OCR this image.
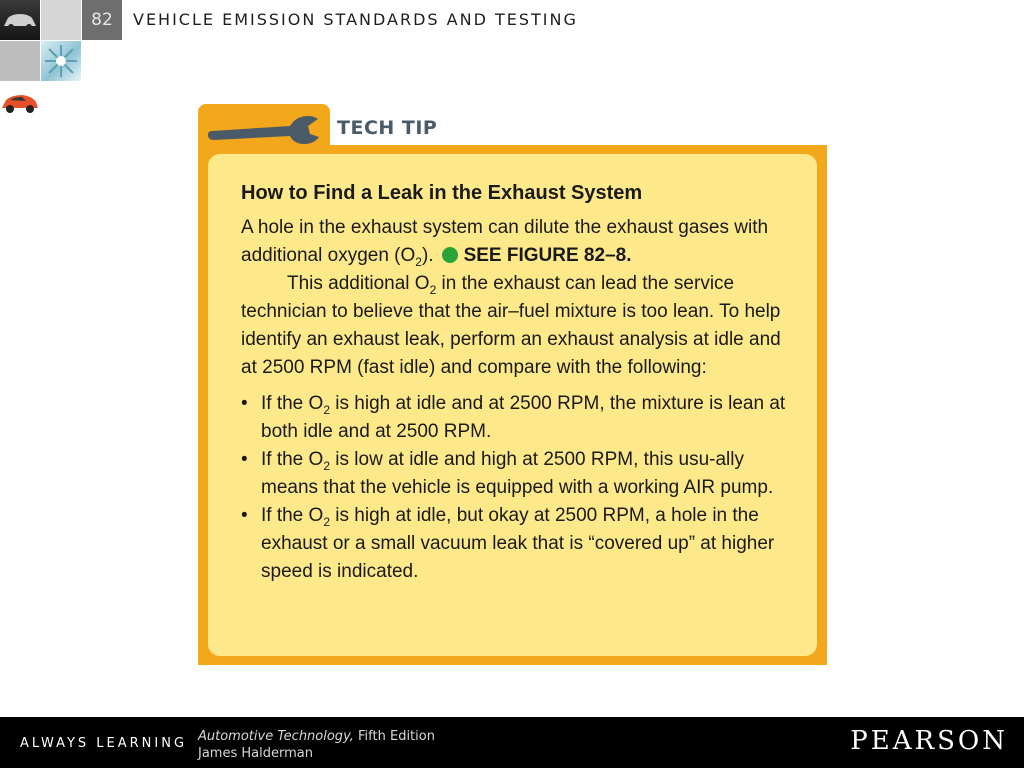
82	VEHICLE EMISSION STANDARDS AND TESTING
TECH TIP

How to Find a Leak in the Exhaust System

A hole in the exhaust system can dilute the exhaust gases with additional oxygen $(O_2)$. SEE FIGURE 82–8.

This additional $O_2$ in the exhaust can lead the service technician to believe that the air–fuel mixture is too lean. To help identify an exhaust leak, perform an exhaust analysis at idle and at 2500 RPM (fast idle) and compare with the following:

• If the $O_2$ is high at idle and at 2500 RPM, the mixture is lean at both idle and at 2500 RPM.
• If the $O_2$ is low at idle and high at 2500 RPM, this usu-ally means that the vehicle is equipped with a working AIR pump.
• If the $O_2$ is high at idle, but okay at 2500 RPM, a hole in the exhaust or a small vacuum leak that is “covered up” at higher speed is indicated.
ALWAYS LEARNING Automotive Technology, Fifth Edition
James Halderman	PEARSON
